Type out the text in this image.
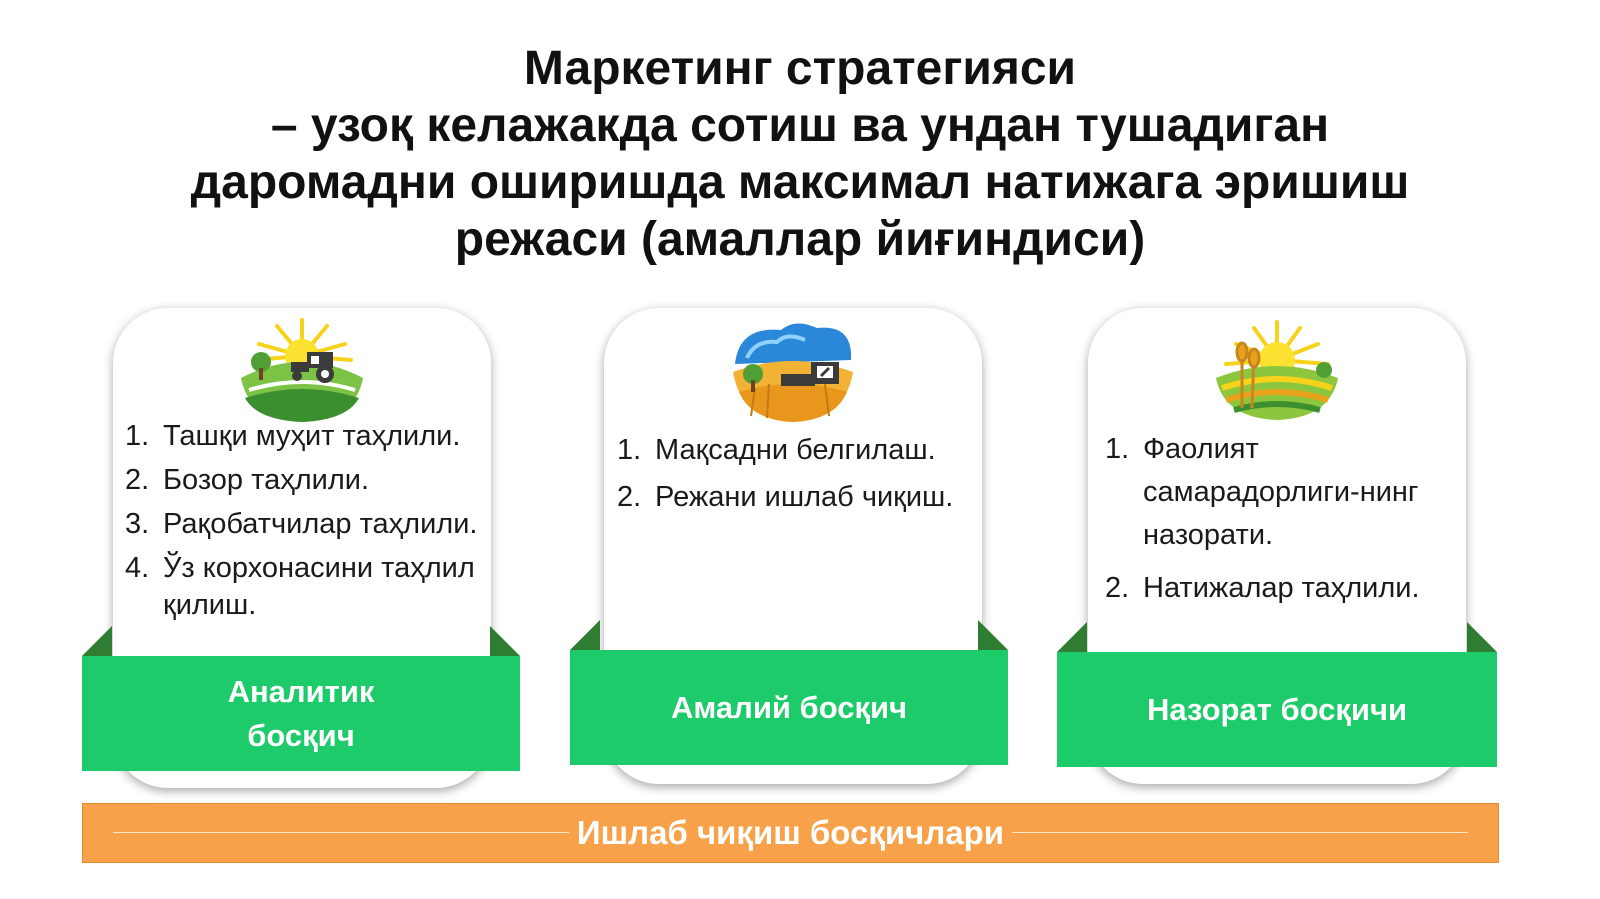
Маркетинг стратегияси
– узоқ келажакда сотиш ва ундан тушадиган
даромадни оширишда максимал натижага эришиш
режаси (амаллар йиғиндиси)
1. Ташқи муҳит таҳлили.
2. Бозор таҳлили.
3. Рақобатчилар таҳлили.
4. Ўз корхонасини таҳлил қилиш.
1. Мақсадни белгилаш.
2. Режани ишлаб чиқиш.
1. Фаолият самарадорлиги-нинг назорати.
2. Натижалар таҳлили.
Аналитик босқич
Амалий босқич	Назорат босқичи
Ишлаб чиқиш босқичлари
